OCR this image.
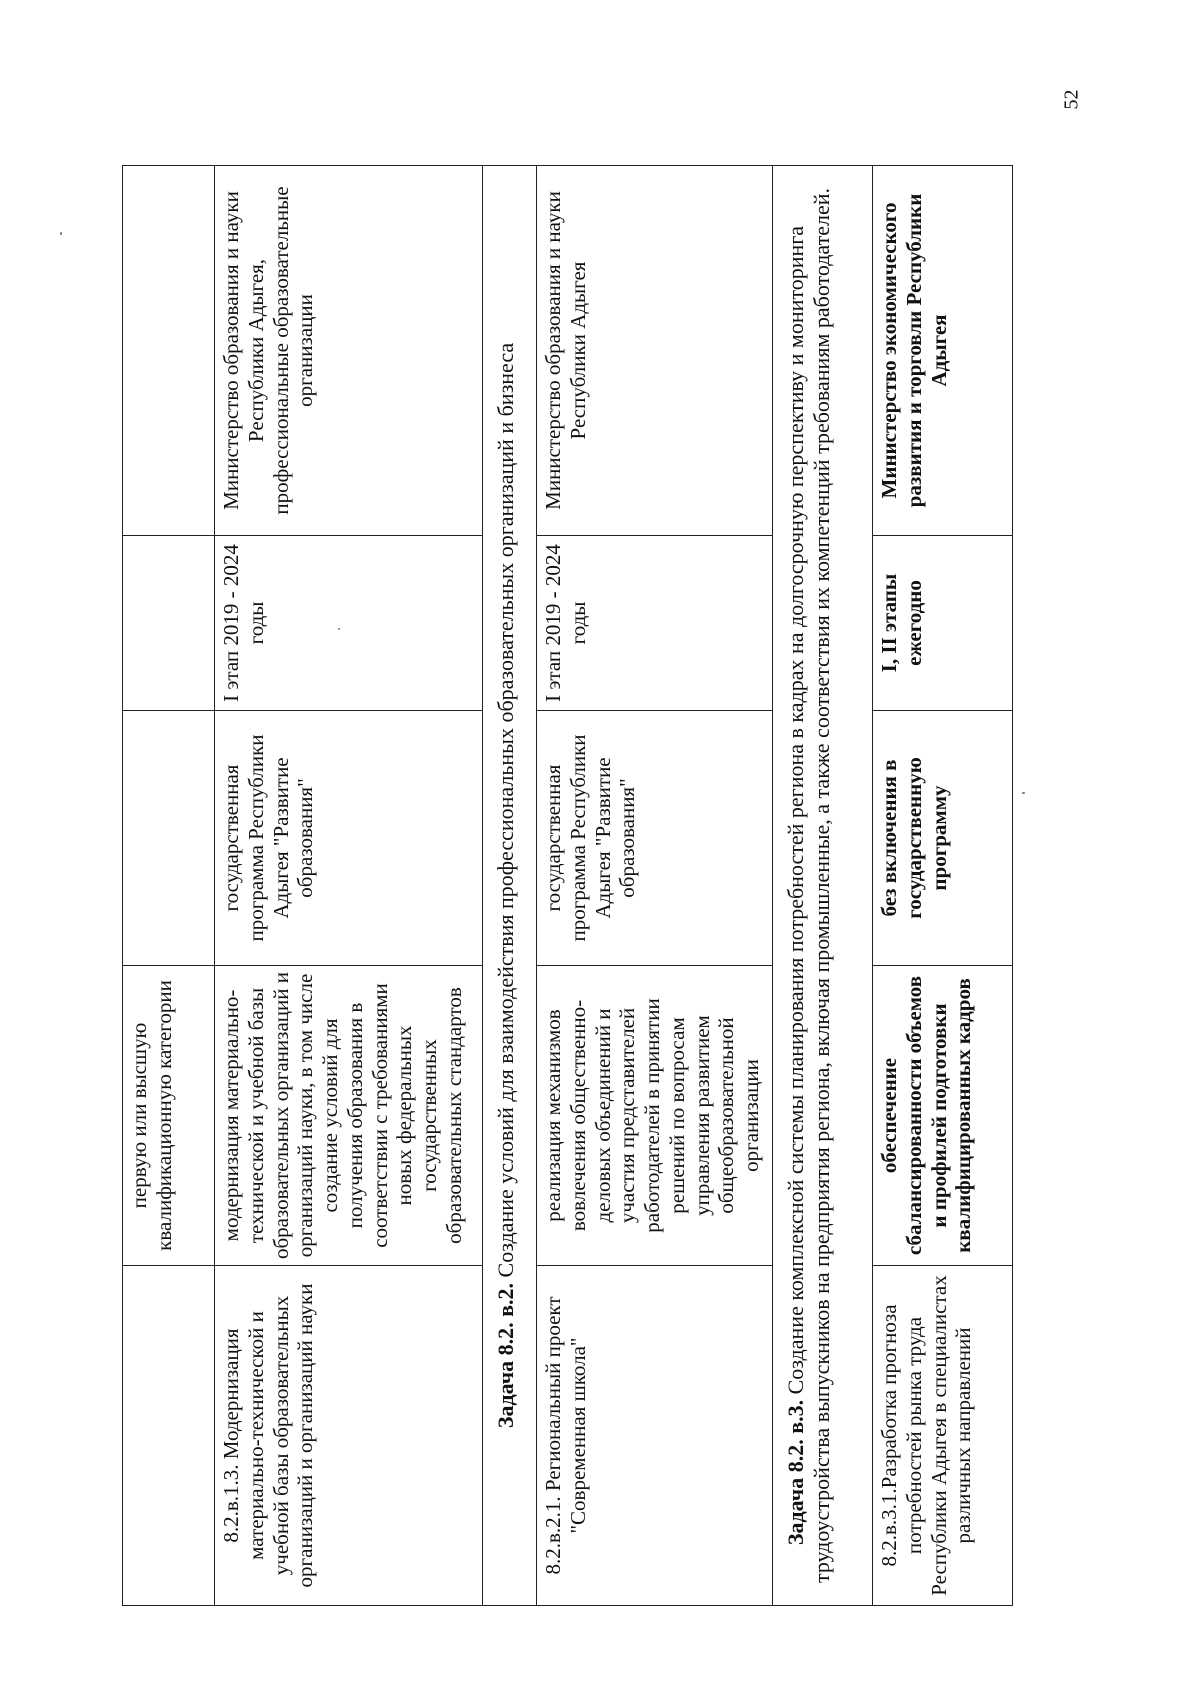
52
	первую или высшую квалификационную категории			
8.2.в.1.3. Модернизация материально-технической и учебной базы образовательных организаций и организаций науки	модернизация материально-технической и учебной базы образовательных организаций и организаций науки, в том числе создание условий для получения образования в соответствии с требованиями новых федеральных государственных образовательных стандартов	государственная программа Республики Адыгея "Развитие образования"	I этап 2019 - 2024 годы	Министерство образования и науки Республики Адыгея, профессиональные образовательные организации
Задача 8.2. в.2. Создание условий для взаимодействия профессиональных образовательных организаций и бизнеса				
8.2.в.2.1. Региональный проект "Современная школа"	реализация механизмов вовлечения общественно-деловых объединений и участия представителей работодателей в принятии решений по вопросам управления развитием общеобразовательной организации	государственная программа Республики Адыгея "Развитие образования"	I этап 2019 - 2024 годы	Министерство образования и науки Республики Адыгея
Задача 8.2. в.3. Создание комплексной системы планирования потребностей региона в кадрах на долгосрочную перспективу и мониторинга трудоустройства выпускников на предприятия региона, включая промышленные, а также соответствия их компетенций требованиям работодателей.				
8.2.в.3.1.Разработка прогноза потребностей рынка труда Республики Адыгея в специалистах различных направлений	обеспечение сбалансированности объемов и профилей подготовки квалифицированных кадров	без включения в государственную программу	I, II этапы ежегодно	Министерство экономического развития и торговли Республики Адыгея
